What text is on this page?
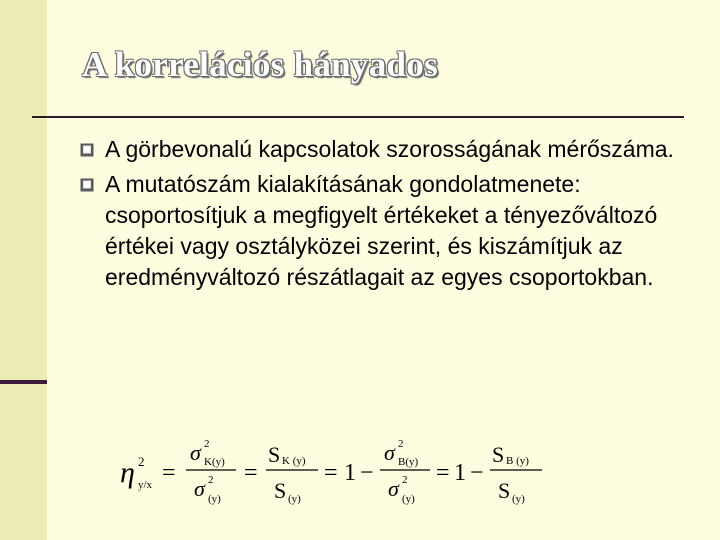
A korrelációs hányados
A görbevonalú kapcsolatok szorosságának mérőszáma.
A mutatószám kialakításának gondolatmenete: csoportosítjuk a megfigyelt értékeket a tényezőváltozó értékei vagy osztályközei szerint, és kiszámítjuk az eredményváltozó részátlagait az egyes csoportokban.
η 2
y/x =
σ 2
K(y)
σ 2
(y)
=
S K (y)
S (y)
= 1 −
σ 2
B(y)
σ 2
(y)
= 1 −
S B (y)
S (y)
